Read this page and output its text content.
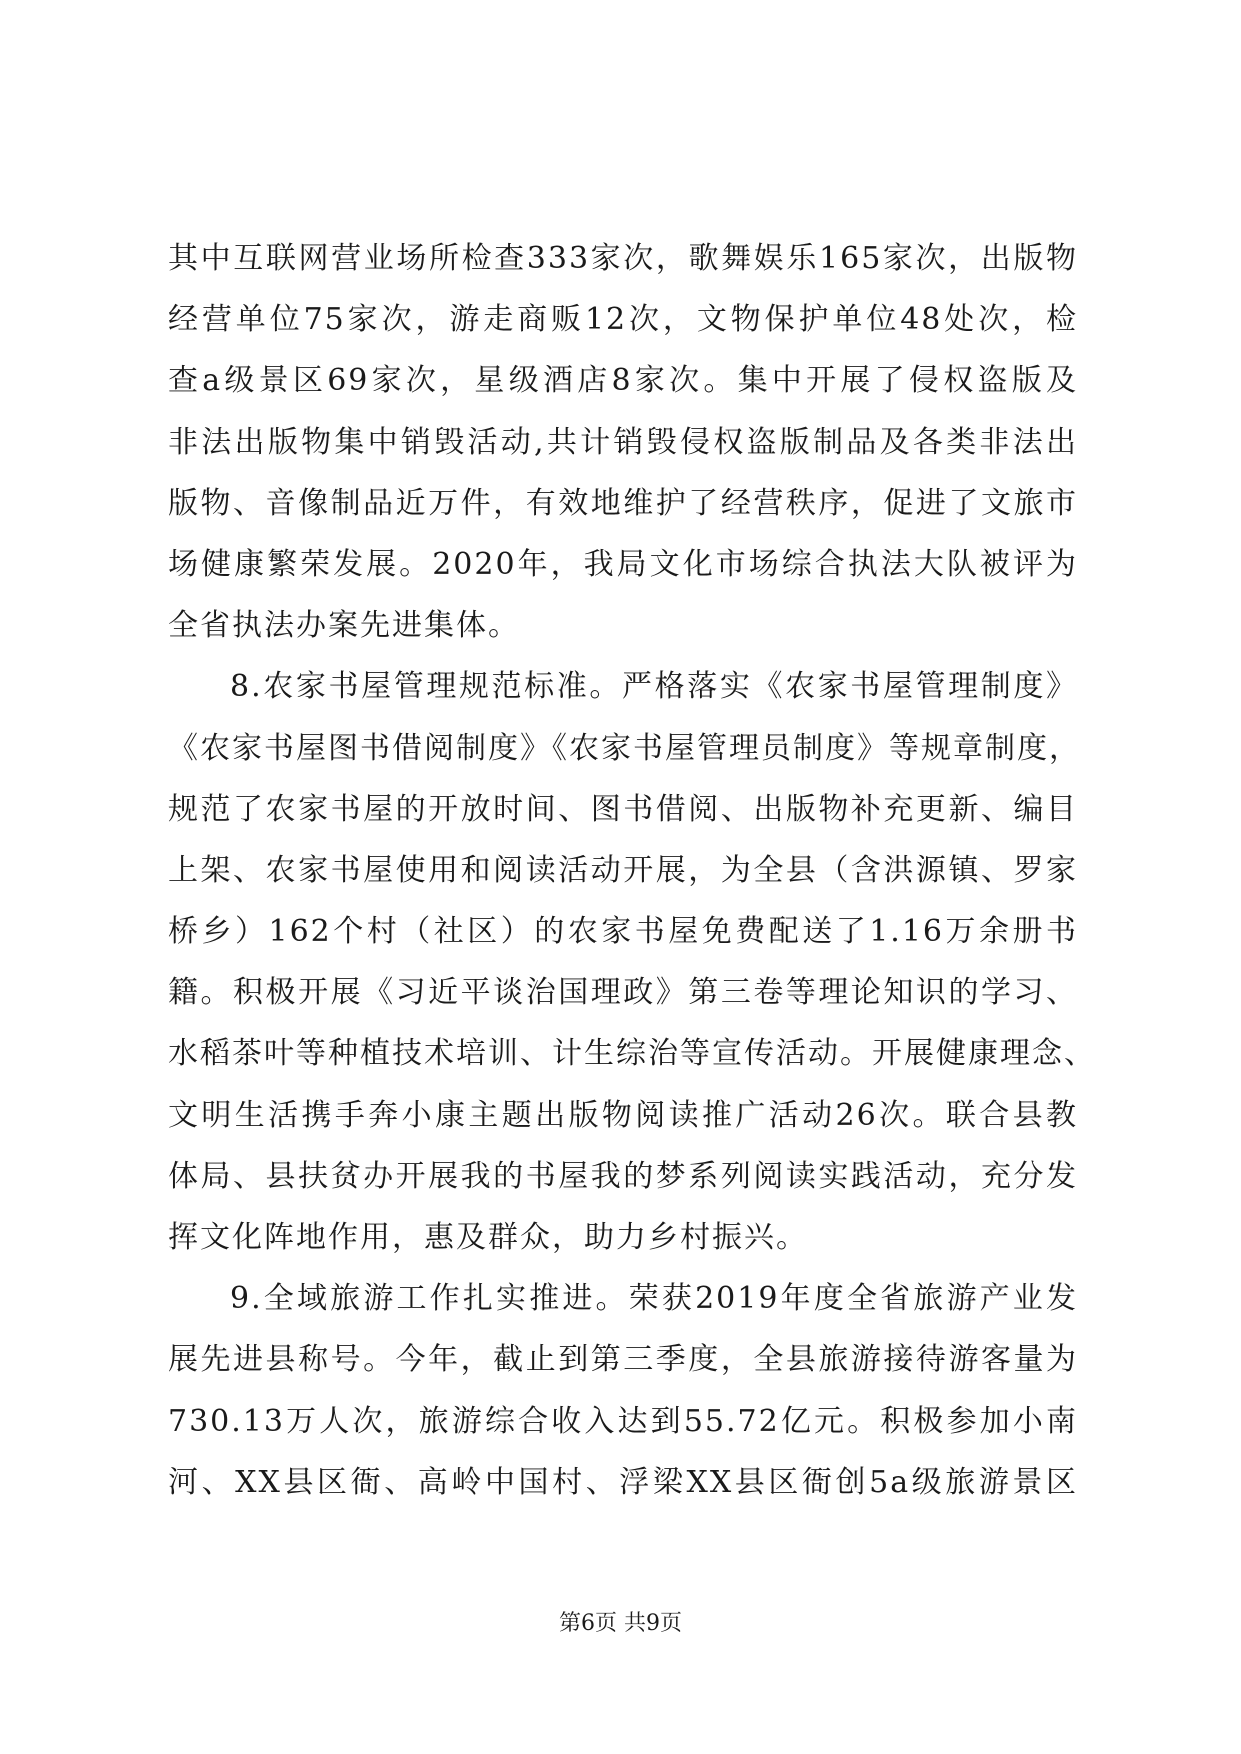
其中互联网营业场所检查333家次，歌舞娱乐165家次，出版物
经营单位75家次，游走商贩12次，文物保护单位48处次，检
查a级景区69家次，星级酒店8家次。集中开展了侵权盗版及
非法出版物集中销毁活动,共计销毁侵权盗版制品及各类非法出
版物、音像制品近万件，有效地维护了经营秩序，促进了文旅市
场健康繁荣发展。2020年，我局文化市场综合执法大队被评为
全省执法办案先进集体。
8.农家书屋管理规范标准。严格落实《农家书屋管理制度》
《农家书屋图书借阅制度》《农家书屋管理员制度》等规章制度，
规范了农家书屋的开放时间、图书借阅、出版物补充更新、编目
上架、农家书屋使用和阅读活动开展，为全县（含洪源镇、罗家
桥乡）162个村（社区）的农家书屋免费配送了1.16万余册书
籍。积极开展《习近平谈治国理政》第三卷等理论知识的学习、
水稻茶叶等种植技术培训、计生综治等宣传活动。开展健康理念、
文明生活携手奔小康主题出版物阅读推广活动26次。联合县教
体局、县扶贫办开展我的书屋我的梦系列阅读实践活动，充分发
挥文化阵地作用，惠及群众，助力乡村振兴。
9.全域旅游工作扎实推进。荣获2019年度全省旅游产业发
展先进县称号。今年，截止到第三季度，全县旅游接待游客量为
730.13万人次，旅游综合收入达到55.72亿元。积极参加小南
河、XX县区衙、高岭中国村、浮梁XX县区衙创5a级旅游景区
第6页 共9页
